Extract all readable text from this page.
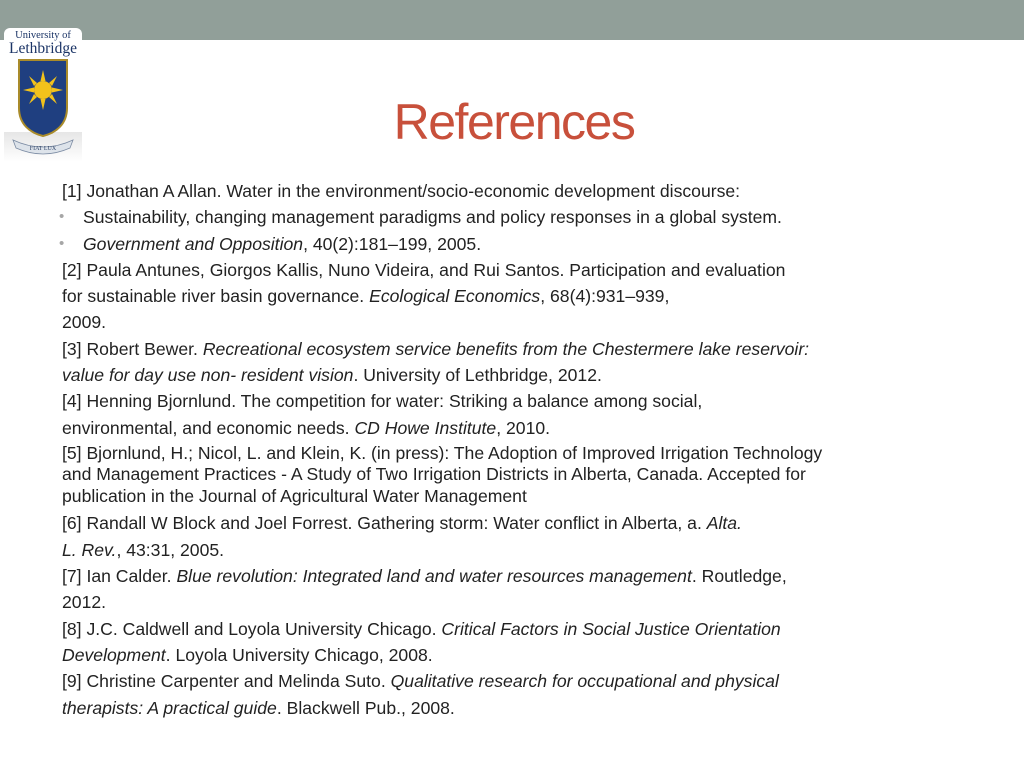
University of
Lethbridge
FIAT LUX	References
[1] Jonathan A Allan. Water in the environment/socio-economic development discourse:
• Sustainability, changing management paradigms and policy responses in a global system.
• Government and Opposition, 40(2):181–199, 2005.
[2] Paula Antunes, Giorgos Kallis, Nuno Videira, and Rui Santos. Participation and evaluation
for sustainable river basin governance. Ecological Economics, 68(4):931–939,
2009.
[3] Robert Bewer. Recreational ecosystem service benefits from the Chestermere lake reservoir:
value for day use non- resident vision. University of Lethbridge, 2012.
[4] Henning Bjornlund. The competition for water: Striking a balance among social,
environmental, and economic needs. CD Howe Institute, 2010.
[5] Bjornlund, H.; Nicol, L. and Klein, K. (in press): The Adoption of Improved Irrigation Technology
and Management Practices - A Study of Two Irrigation Districts in Alberta, Canada. Accepted for
publication in the Journal of Agricultural Water Management
[6] Randall W Block and Joel Forrest. Gathering storm: Water conflict in Alberta, a. Alta.
L. Rev., 43:31, 2005.
[7] Ian Calder. Blue revolution: Integrated land and water resources management. Routledge,
2012.
[8] J.C. Caldwell and Loyola University Chicago. Critical Factors in Social Justice Orientation
Development. Loyola University Chicago, 2008.
[9] Christine Carpenter and Melinda Suto. Qualitative research for occupational and physical
therapists: A practical guide. Blackwell Pub., 2008.
